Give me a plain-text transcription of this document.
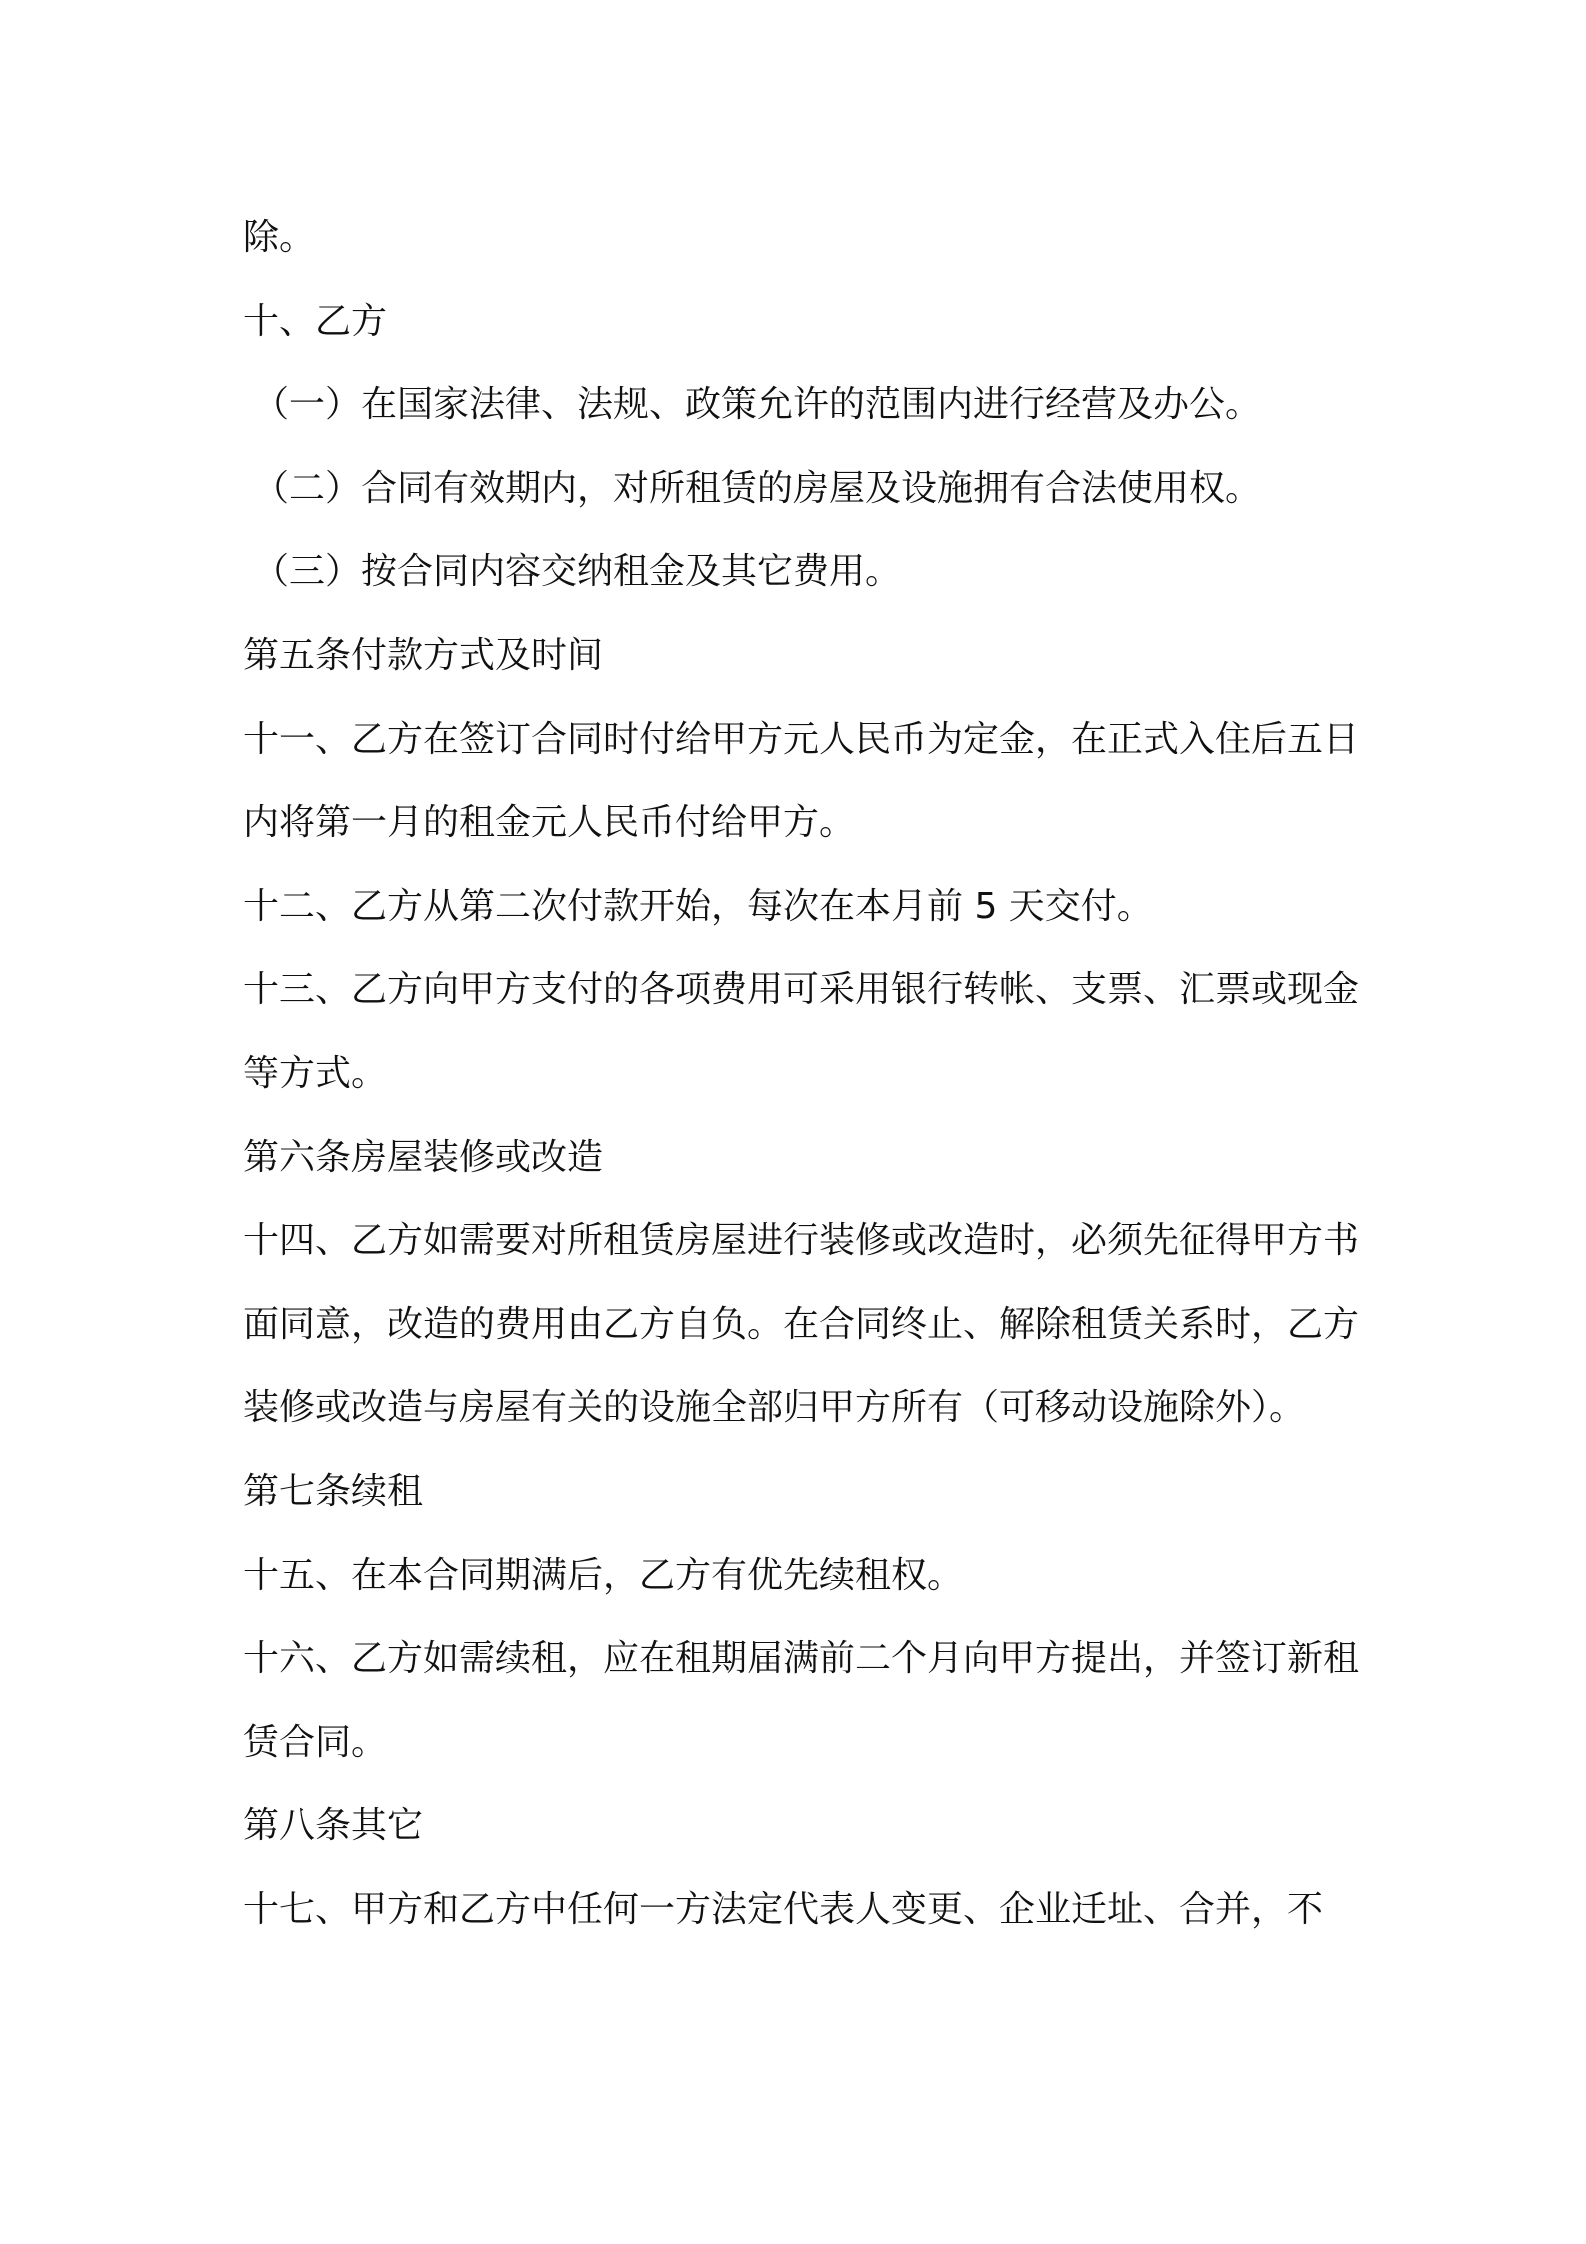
除。

十、乙方

（一）在国家法律、法规、政策允许的范围内进行经营及办公。

（二）合同有效期内，对所租赁的房屋及设施拥有合法使用权。

（三）按合同内容交纳租金及其它费用。

第五条付款方式及时间

十一、乙方在签订合同时付给甲方元人民币为定金，在正式入住后五日内将第一月的租金元人民币付给甲方。

十二、乙方从第二次付款开始，每次在本月前 5 天交付。

十三、乙方向甲方支付的各项费用可采用银行转帐、支票、汇票或现金等方式。

第六条房屋装修或改造

十四、乙方如需要对所租赁房屋进行装修或改造时，必须先征得甲方书面同意，改造的费用由乙方自负。在合同终止、解除租赁关系时，乙方装修或改造与房屋有关的设施全部归甲方所有（可移动设施除外）。

第七条续租

十五、在本合同期满后，乙方有优先续租权。

十六、乙方如需续租，应在租期届满前二个月向甲方提出，并签订新租赁合同。

第八条其它

十七、甲方和乙方中任何一方法定代表人变更、企业迁址、合并，不
